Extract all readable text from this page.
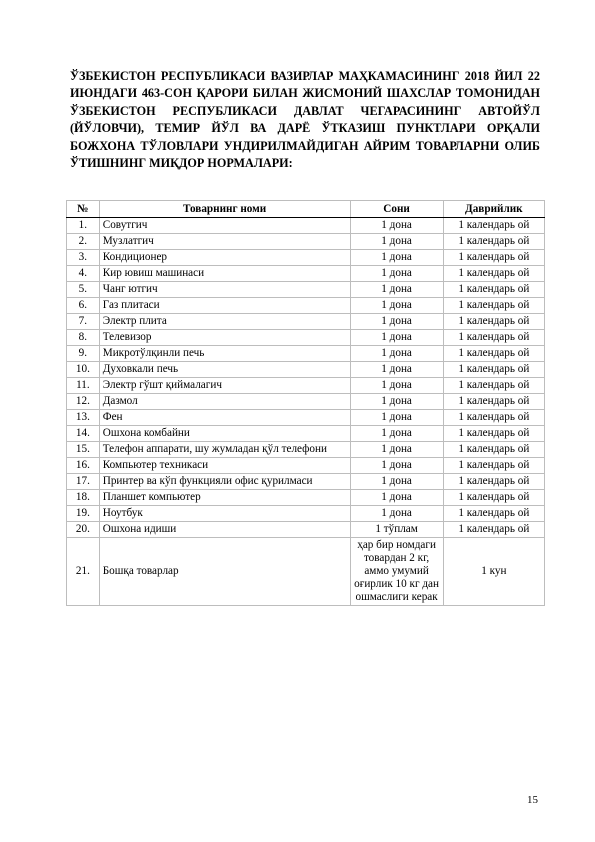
ЎЗБЕКИСТОН РЕСПУБЛИКАСИ ВАЗИРЛАР МАҲКАМАСИНИНГ 2018 ЙИЛ 22 ИЮНДАГИ 463-СОН ҚАРОРИ БИЛАН ЖИСМОНИЙ ШАХСЛАР ТОМОНИДАН ЎЗБЕКИСТОН РЕСПУБЛИКАСИ ДАВЛАТ ЧЕГАРАСИНИНГ АВТОЙЎЛ (ЙЎЛОВЧИ), ТЕМИР ЙЎЛ ВА ДАРЁ ЎТКАЗИШ ПУНКТЛАРИ ОРҚАЛИ БОЖХОНА ТЎЛОВЛАРИ УНДИРИЛМАЙДИГАН АЙРИМ ТОВАРЛАРНИ ОЛИБ ЎТИШНИНГ МИҚДОР НОРМАЛАРИ:
№	Товарнинг номи	Сони	Даврийлик
1.	Совутгич	1 дона	1 календарь ой
2.	Музлатгич	1 дона	1 календарь ой
3.	Кондиционер	1 дона	1 календарь ой
4.	Кир ювиш машинаси	1 дона	1 календарь ой
5.	Чанг ютгич	1 дона	1 календарь ой
6.	Газ плитаси	1 дона	1 календарь ой
7.	Электр плита	1 дона	1 календарь ой
8.	Телевизор	1 дона	1 календарь ой
9.	Микротўлқинли печь	1 дона	1 календарь ой
10.	Духовкали печь	1 дона	1 календарь ой
11.	Электр гўшт қиймалагич	1 дона	1 календарь ой
12.	Дазмол	1 дона	1 календарь ой
13.	Фен	1 дона	1 календарь ой
14.	Ошхона комбайни	1 дона	1 календарь ой
15.	Телефон аппарати, шу жумладан қўл телефони	1 дона	1 календарь ой
16.	Компьютер техникаси	1 дона	1 календарь ой
17.	Принтер ва кўп функцияли офис қурилмаси	1 дона	1 календарь ой
18.	Планшет компьютер	1 дона	1 календарь ой
19.	Ноутбук	1 дона	1 календарь ой
20.	Ошхона идиши	1 тўплам	1 календарь ой
21.	Бошқа товарлар	ҳар бир номдаги товардан 2 кг, аммо умумий оғирлик 10 кг дан ошмаслиги керак	1 кун
15
